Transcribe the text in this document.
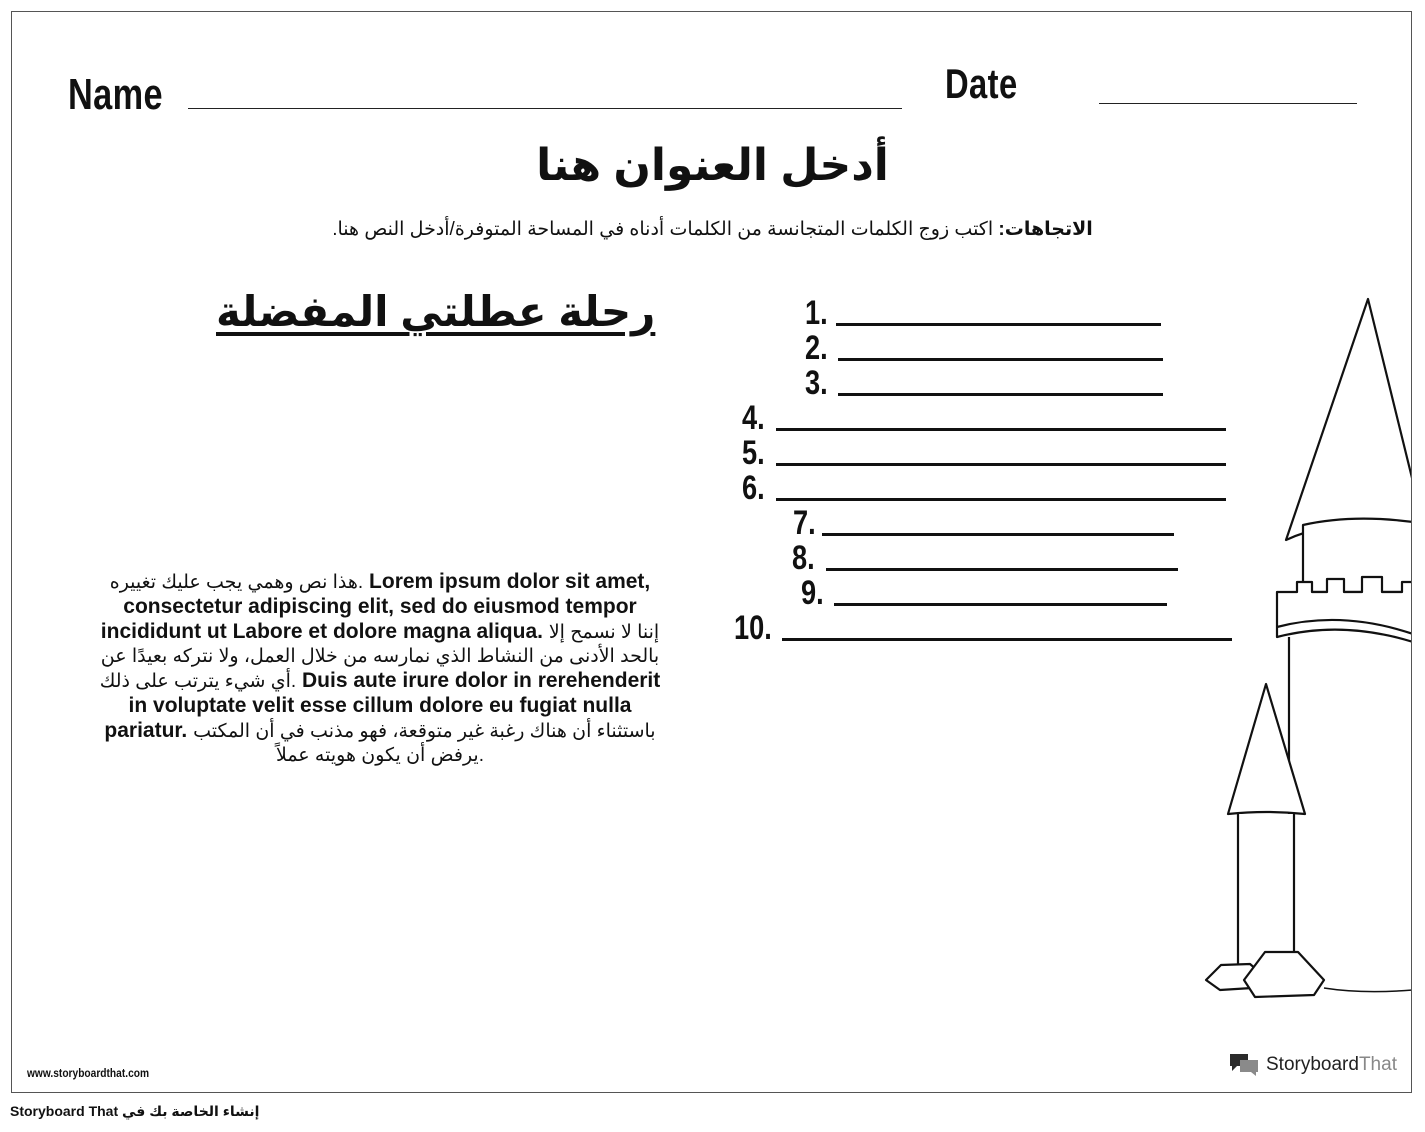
Name	Date
أدخل العنوان هنا
الاتجاهات: اكتب زوج الكلمات المتجانسة من الكلمات أدناه في المساحة المتوفرة/أدخل النص هنا.
رحلة عطلتي المفضلة
هذا نص وهمي يجب عليك تغييره. Lorem ipsum dolor sit amet, consectetur adipiscing elit, sed do eiusmod tempor incididunt ut Labore et dolore magna aliqua. إننا لا نسمح إلا بالحد الأدنى من النشاط الذي نمارسه من خلال العمل، ولا نتركه بعيدًا عن أي شيء يترتب على ذلك. Duis aute irure dolor in rerehenderit in voluptate velit esse cillum dolore eu fugiat nulla pariatur. باستثناء أن هناك رغبة غير متوقعة، فهو مذنب في أن المكتب يرفض أن يكون هويته عملاً.
1.
2.
3.
4.
5.
6.
7.
8.
9.
10.
www.storyboardthat.com	StoryboardThat
إنشاء الخاصة بك في Storyboard That
